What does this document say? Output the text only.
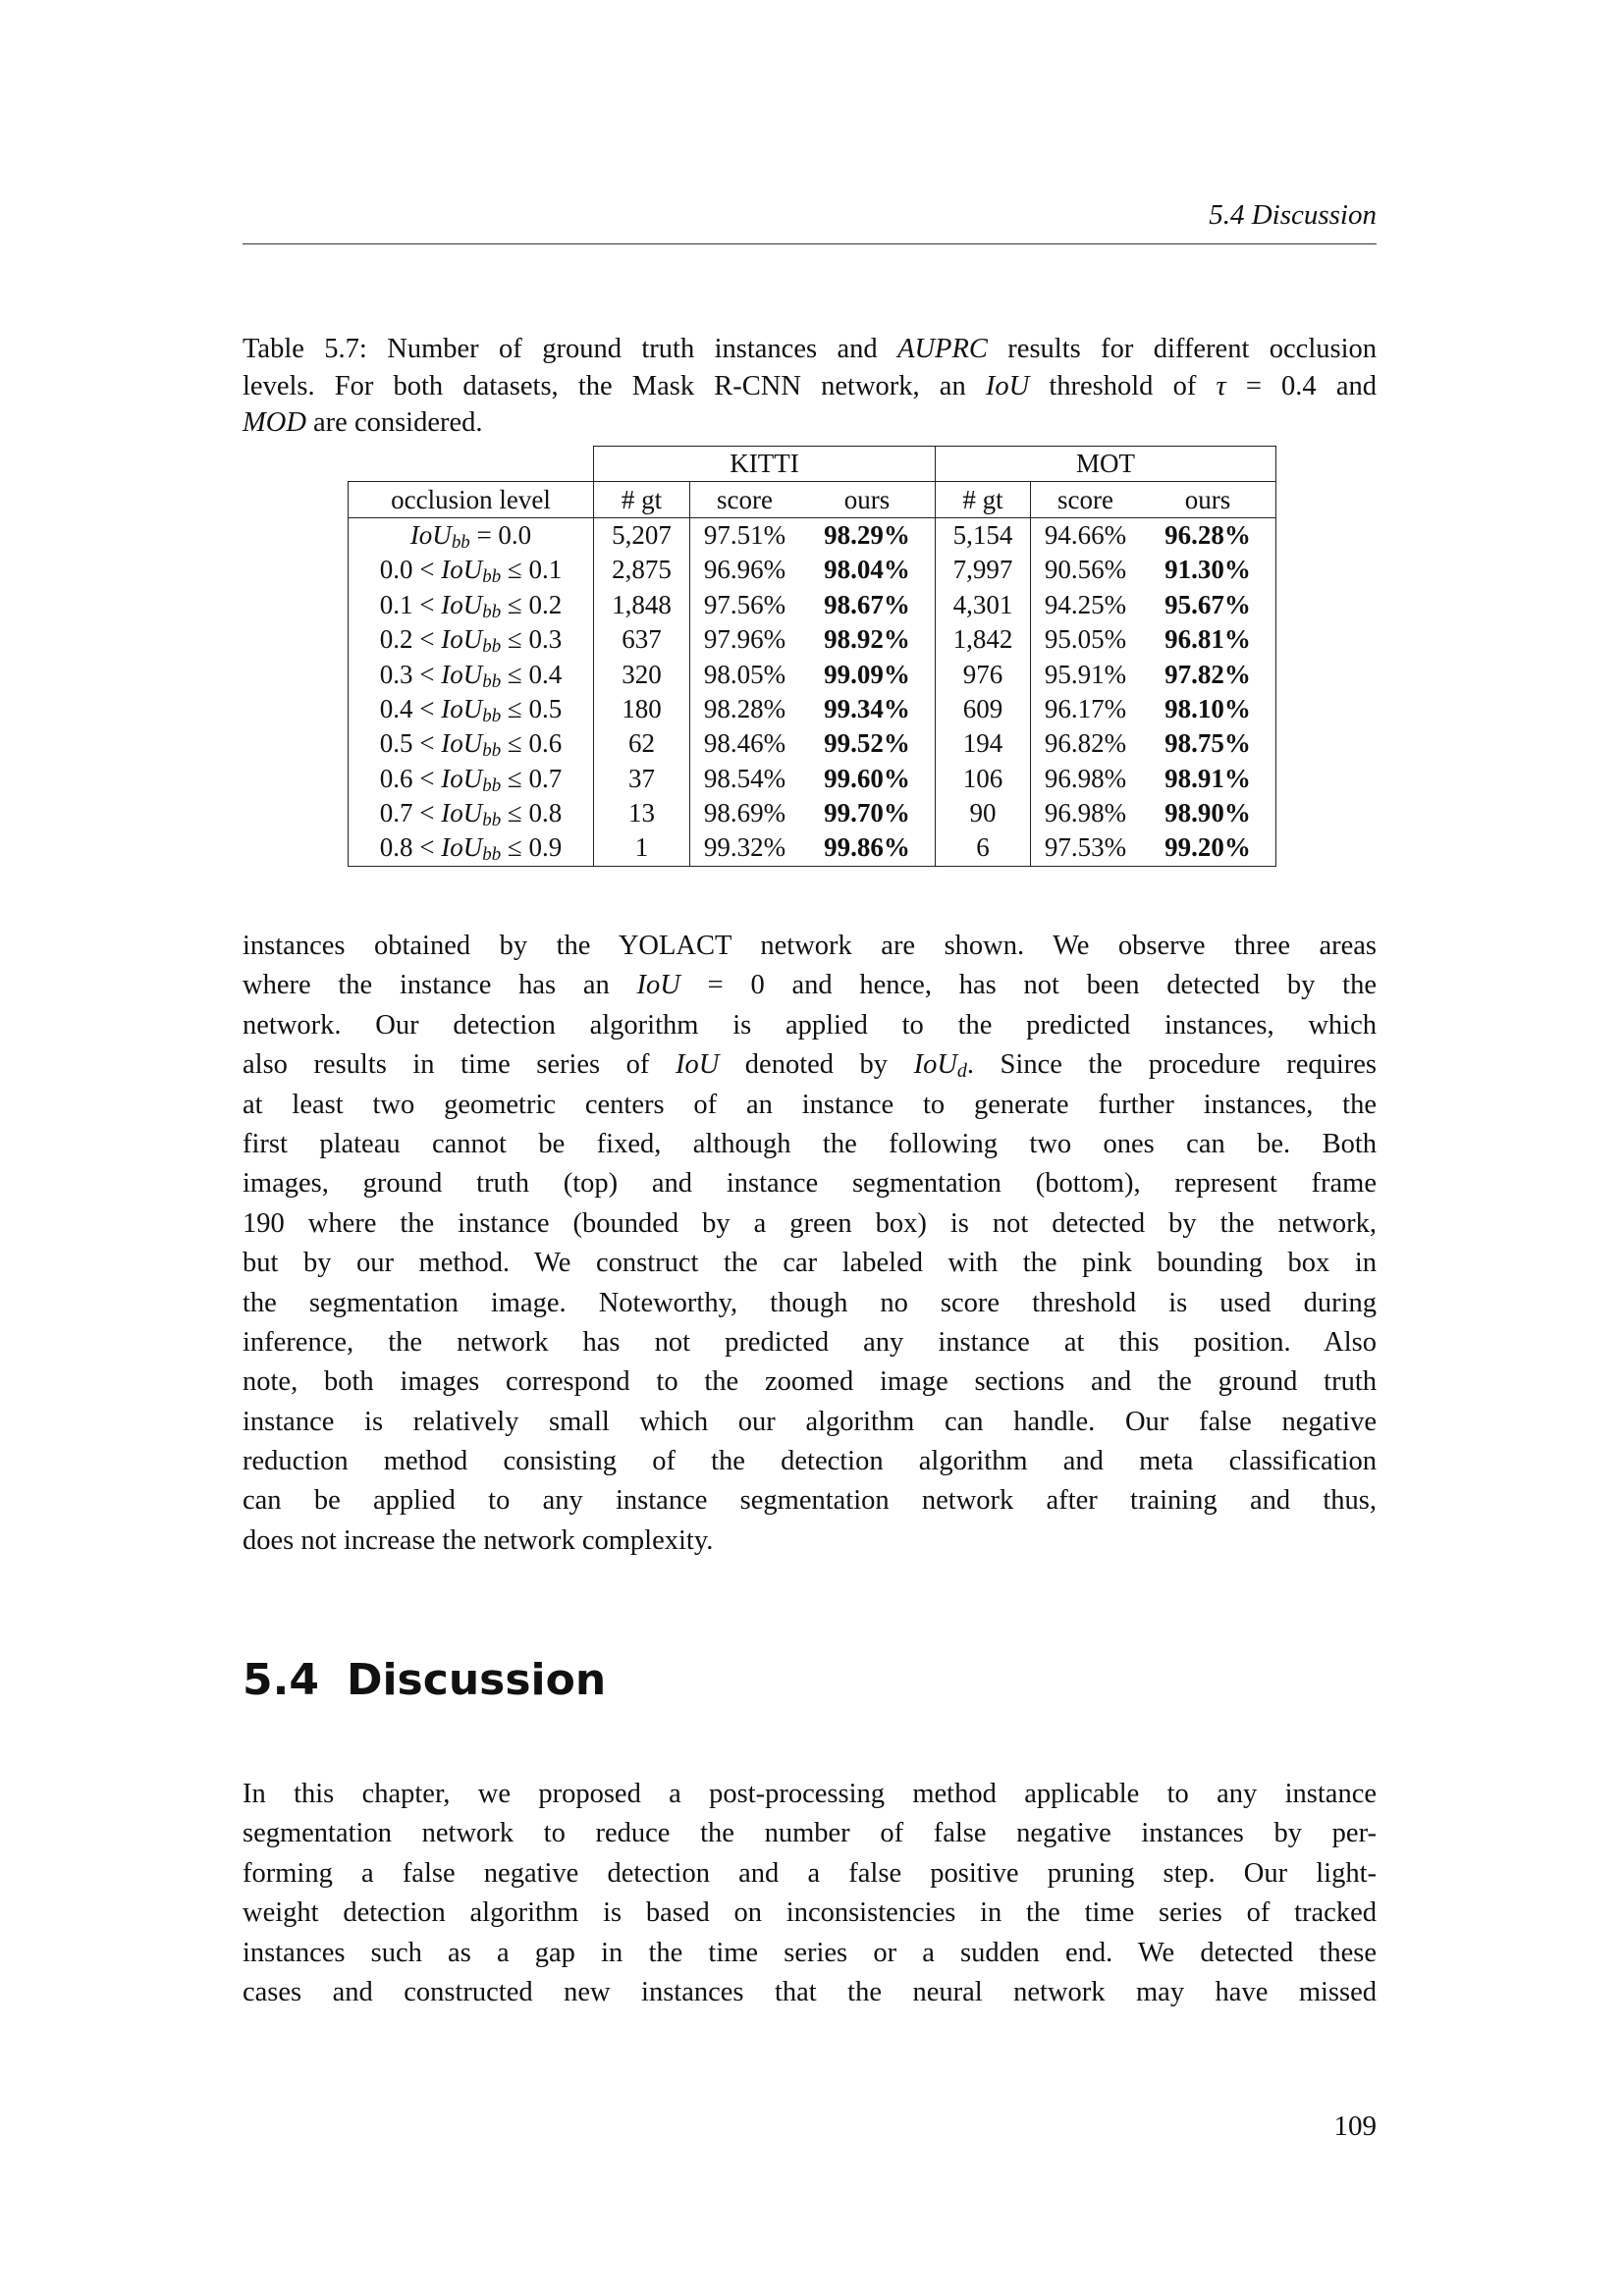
5.4 Discussion
Table 5.7: Number of ground truth instances and AUPRC results for different occlusion
levels. For both datasets, the Mask R-CNN network, an IoU threshold of τ = 0.4 and
MOD are considered.
	KITTI			MOT		
occlusion level	# gt	score	ours	# gt	score	ours
IoU$_{bb}$ = 0.0	5,207	97.51%	98.29%	5,154	94.66%	96.28%
0.0 < IoU$_{bb}$ ≤ 0.1	2,875	96.96%	98.04%	7,997	90.56%	91.30%
0.1 < IoU$_{bb}$ ≤ 0.2	1,848	97.56%	98.67%	4,301	94.25%	95.67%
0.2 < IoU$_{bb}$ ≤ 0.3	637	97.96%	98.92%	1,842	95.05%	96.81%
0.3 < IoU$_{bb}$ ≤ 0.4	320	98.05%	99.09%	976	95.91%	97.82%
0.4 < IoU$_{bb}$ ≤ 0.5	180	98.28%	99.34%	609	96.17%	98.10%
0.5 < IoU$_{bb}$ ≤ 0.6	62	98.46%	99.52%	194	96.82%	98.75%
0.6 < IoU$_{bb}$ ≤ 0.7	37	98.54%	99.60%	106	96.98%	98.91%
0.7 < IoU$_{bb}$ ≤ 0.8	13	98.69%	99.70%	90	96.98%	98.90%
0.8 < IoU$_{bb}$ ≤ 0.9	1	99.32%	99.86%	6	97.53%	99.20%
instances obtained by the YOLACT network are shown. We observe three areas
where the instance has an IoU = 0 and hence, has not been detected by the
network. Our detection algorithm is applied to the predicted instances, which
also results in time series of IoU denoted by IoU$_d$. Since the procedure requires
at least two geometric centers of an instance to generate further instances, the
first plateau cannot be fixed, although the following two ones can be. Both
images, ground truth (top) and instance segmentation (bottom), represent frame
190 where the instance (bounded by a green box) is not detected by the network,
but by our method. We construct the car labeled with the pink bounding box in
the segmentation image. Noteworthy, though no score threshold is used during
inference, the network has not predicted any instance at this position. Also
note, both images correspond to the zoomed image sections and the ground truth
instance is relatively small which our algorithm can handle. Our false negative
reduction method consisting of the detection algorithm and meta classification
can be applied to any instance segmentation network after training and thus,
does not increase the network complexity.
5.4 Discussion
In this chapter, we proposed a post-processing method applicable to any instance
segmentation network to reduce the number of false negative instances by per-
forming a false negative detection and a false positive pruning step. Our light-
weight detection algorithm is based on inconsistencies in the time series of tracked
instances such as a gap in the time series or a sudden end. We detected these
cases and constructed new instances that the neural network may have missed
109
